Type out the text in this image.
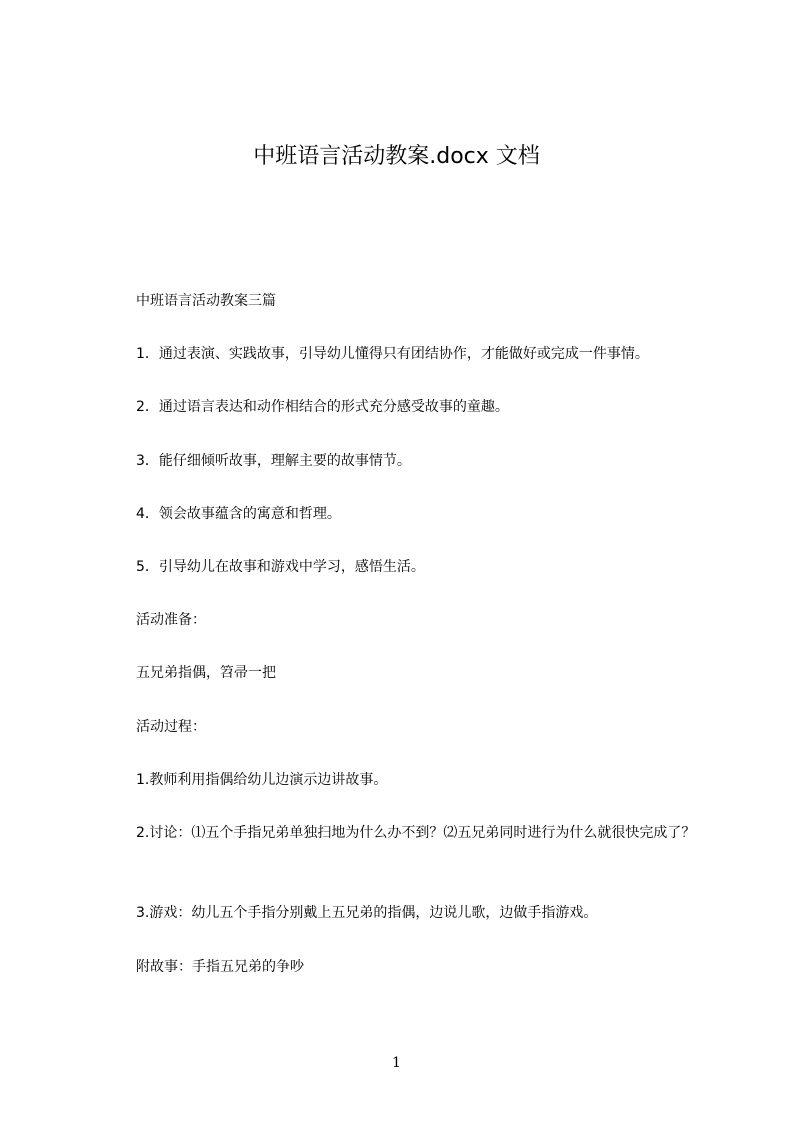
中班语言活动教案.docx 文档
中班语言活动教案三篇
1．通过表演、实践故事，引导幼儿懂得只有团结协作，才能做好或完成一件事情。
2．通过语言表达和动作相结合的形式充分感受故事的童趣。
3．能仔细倾听故事，理解主要的故事情节。
4．领会故事蕴含的寓意和哲理。
5．引导幼儿在故事和游戏中学习，感悟生活。
活动准备：
五兄弟指偶，笤帚一把
活动过程：
1.教师利用指偶给幼儿边演示边讲故事。
2.讨论：⑴五个手指兄弟单独扫地为什么办不到？⑵五兄弟同时进行为什么就很快完成了？
3.游戏：幼儿五个手指分别戴上五兄弟的指偶，边说儿歌，边做手指游戏。
附故事：手指五兄弟的争吵
1
